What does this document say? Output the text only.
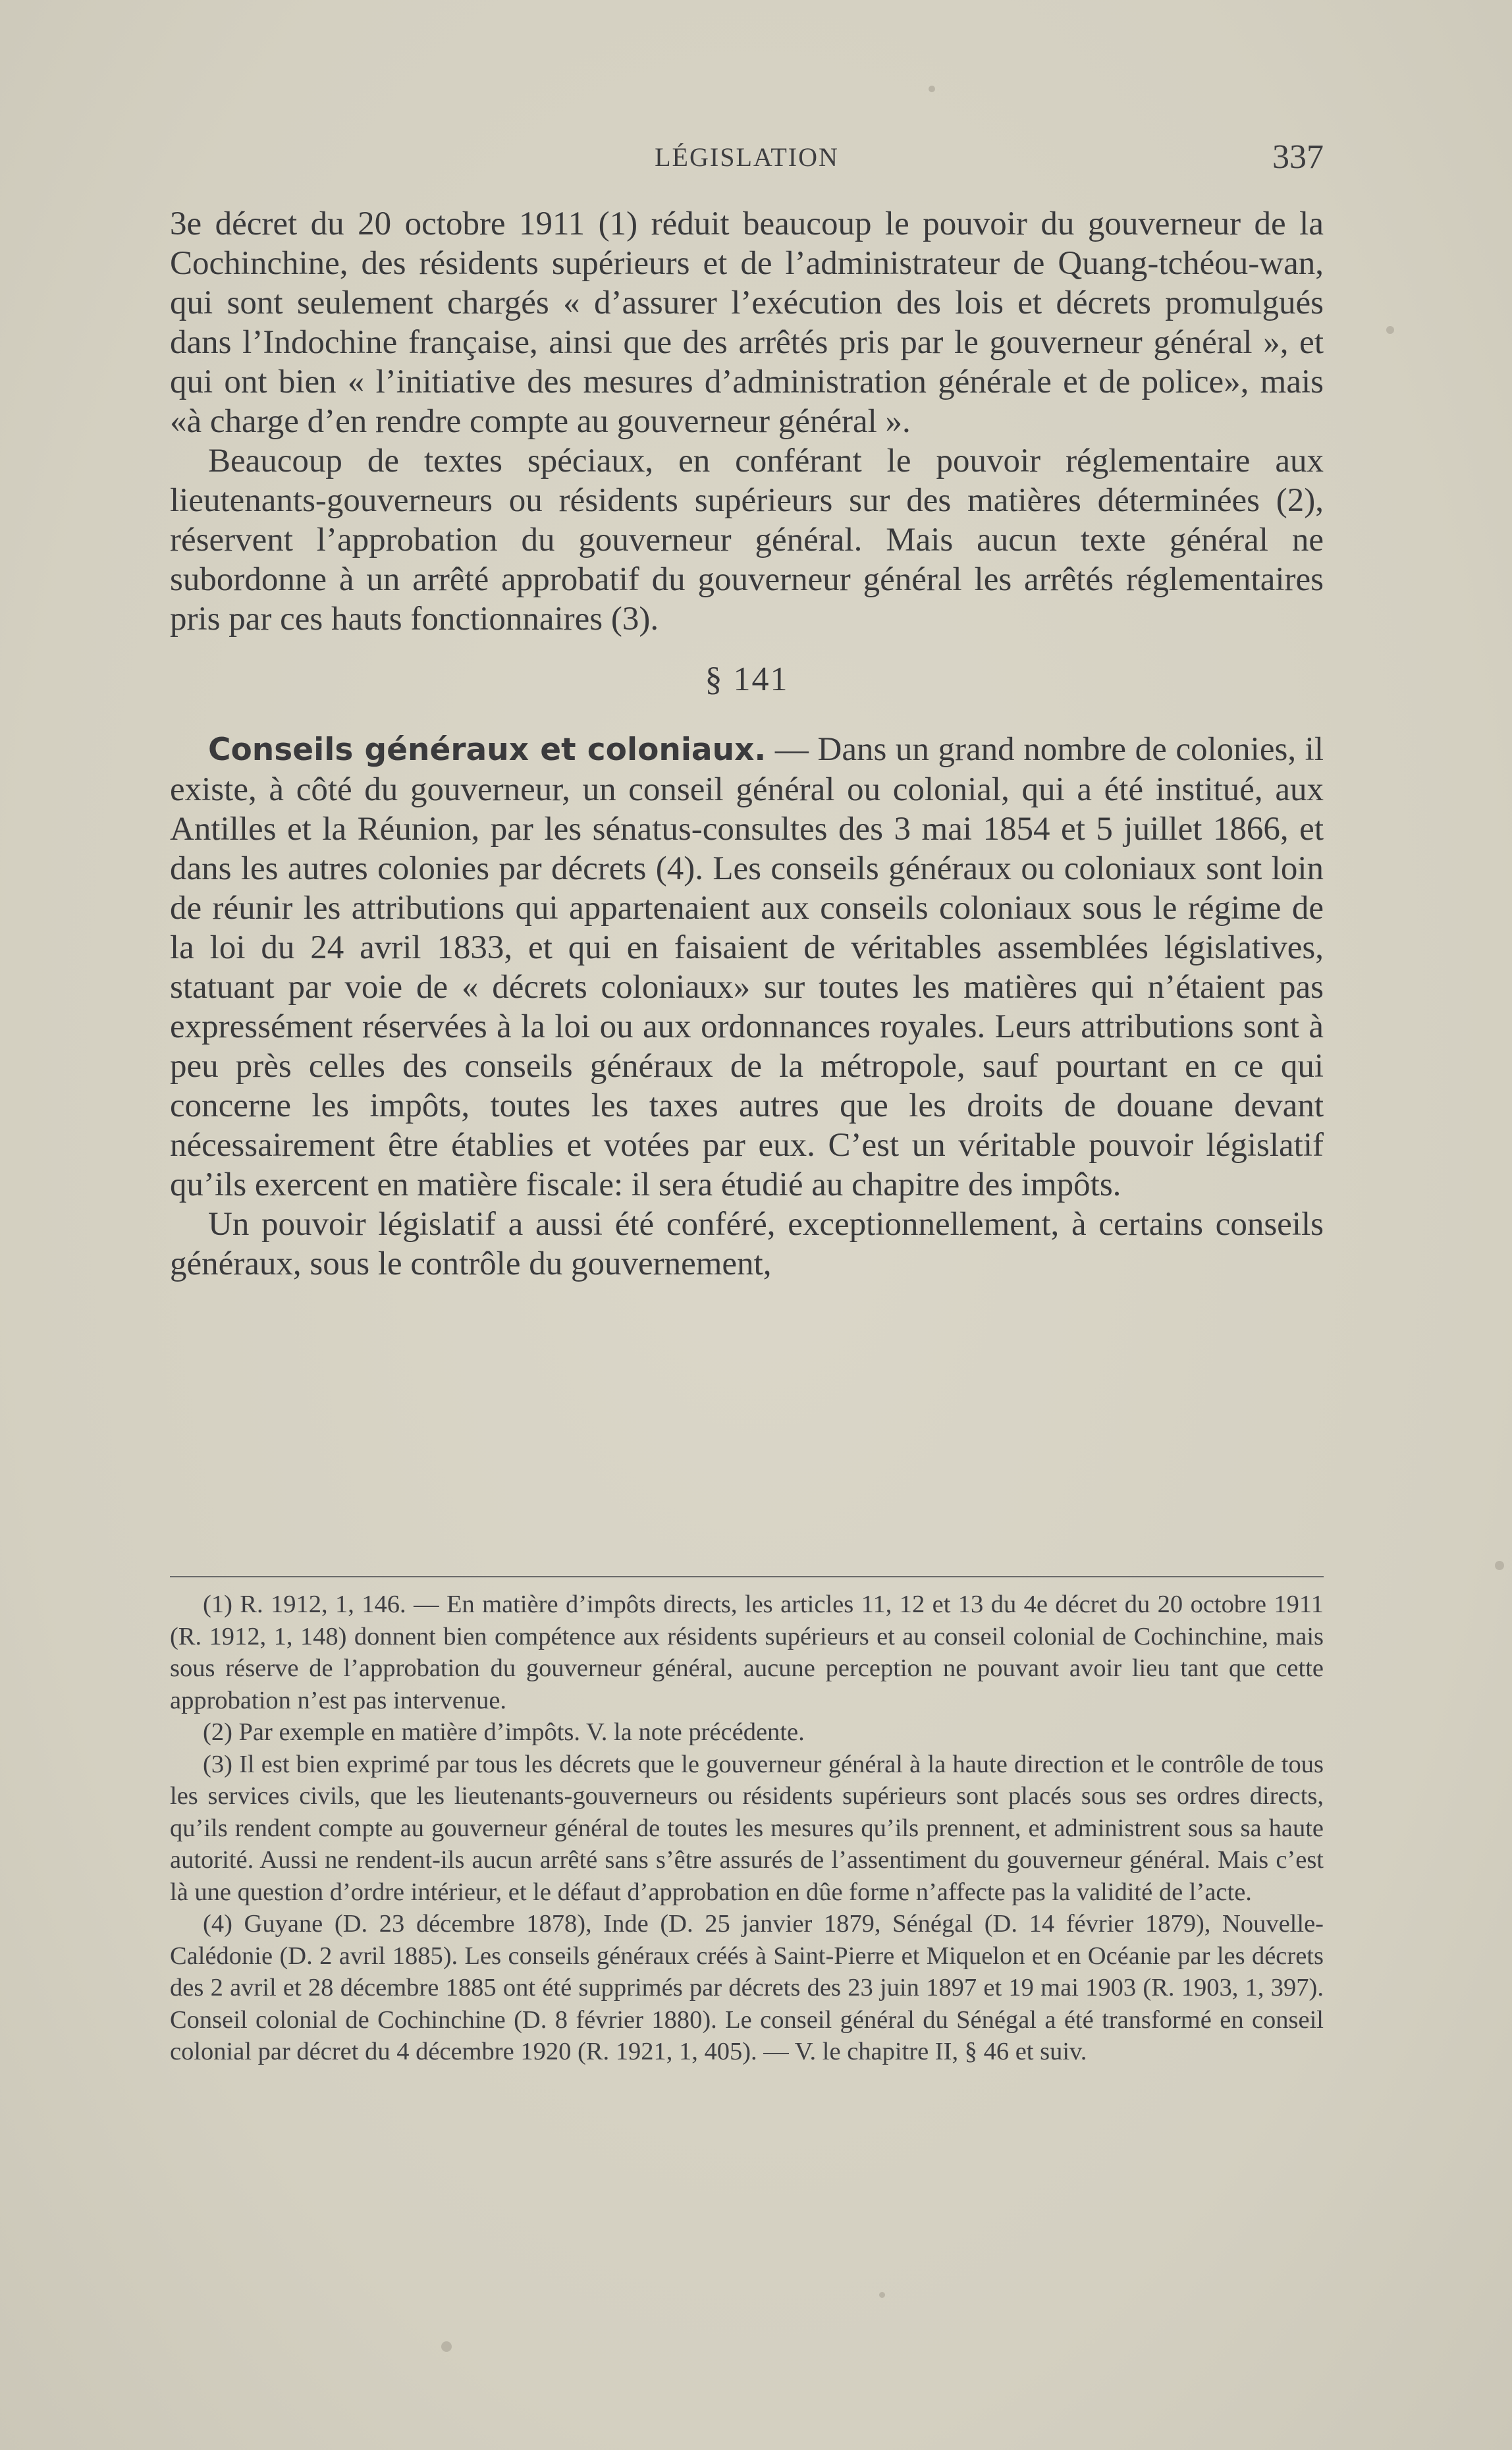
LÉGISLATION	337

3e décret du 20 octobre 1911 (1) réduit beaucoup le pouvoir du gouverneur de la Cochinchine, des résidents supérieurs et de l’administrateur de Quang-tchéou-wan, qui sont seulement chargés « d’assurer l’exécution des lois et décrets promulgués dans l’Indochine française, ainsi que des arrêtés pris par le gouverneur général », et qui ont bien « l’initiative des mesures d’administration générale et de police», mais «à charge d’en rendre compte au gouverneur général ».

Beaucoup de textes spéciaux, en conférant le pouvoir réglementaire aux lieutenants-gouverneurs ou résidents supérieurs sur des matières déterminées (2), réservent l’approbation du gouverneur général. Mais aucun texte général ne subordonne à un arrêté approbatif du gouverneur général les arrêtés réglementaires pris par ces hauts fonctionnaires (3).

§ 141

Conseils généraux et coloniaux. — Dans un grand nombre de colonies, il existe, à côté du gouverneur, un conseil général ou colonial, qui a été institué, aux Antilles et la Réunion, par les sénatus-consultes des 3 mai 1854 et 5 juillet 1866, et dans les autres colonies par décrets (4). Les conseils généraux ou coloniaux sont loin de réunir les attributions qui appartenaient aux conseils coloniaux sous le régime de la loi du 24 avril 1833, et qui en faisaient de véritables assemblées législatives, statuant par voie de « décrets coloniaux» sur toutes les matières qui n’étaient pas expressément réservées à la loi ou aux ordonnances royales. Leurs attributions sont à peu près celles des conseils généraux de la métropole, sauf pourtant en ce qui concerne les impôts, toutes les taxes autres que les droits de douane devant nécessairement être établies et votées par eux. C’est un véritable pouvoir législatif qu’ils exercent en matière fiscale: il sera étudié au chapitre des impôts.

Un pouvoir législatif a aussi été conféré, exceptionnellement, à certains conseils généraux, sous le contrôle du gouvernement,

(1) R. 1912, 1, 146. — En matière d’impôts directs, les articles 11, 12 et 13 du 4e décret du 20 octobre 1911 (R. 1912, 1, 148) donnent bien compétence aux résidents supérieurs et au conseil colonial de Cochinchine, mais sous réserve de l’approbation du gouverneur général, aucune perception ne pouvant avoir lieu tant que cette approbation n’est pas intervenue.

(2) Par exemple en matière d’impôts. V. la note précédente.

(3) Il est bien exprimé par tous les décrets que le gouverneur général à la haute direction et le contrôle de tous les services civils, que les lieutenants-gouverneurs ou résidents supérieurs sont placés sous ses ordres directs, qu’ils rendent compte au gouverneur général de toutes les mesures qu’ils prennent, et administrent sous sa haute autorité. Aussi ne rendent-ils aucun arrêté sans s’être assurés de l’assentiment du gouverneur général. Mais c’est là une question d’ordre intérieur, et le défaut d’approbation en dûe forme n’affecte pas la validité de l’acte.

(4) Guyane (D. 23 décembre 1878), Inde (D. 25 janvier 1879, Sénégal (D. 14 février 1879), Nouvelle-Calédonie (D. 2 avril 1885). Les conseils généraux créés à Saint-Pierre et Miquelon et en Océanie par les décrets des 2 avril et 28 décembre 1885 ont été supprimés par décrets des 23 juin 1897 et 19 mai 1903 (R. 1903, 1, 397). Conseil colonial de Cochinchine (D. 8 février 1880). Le conseil général du Sénégal a été transformé en conseil colonial par décret du 4 décembre 1920 (R. 1921, 1, 405). — V. le chapitre II, § 46 et suiv.
